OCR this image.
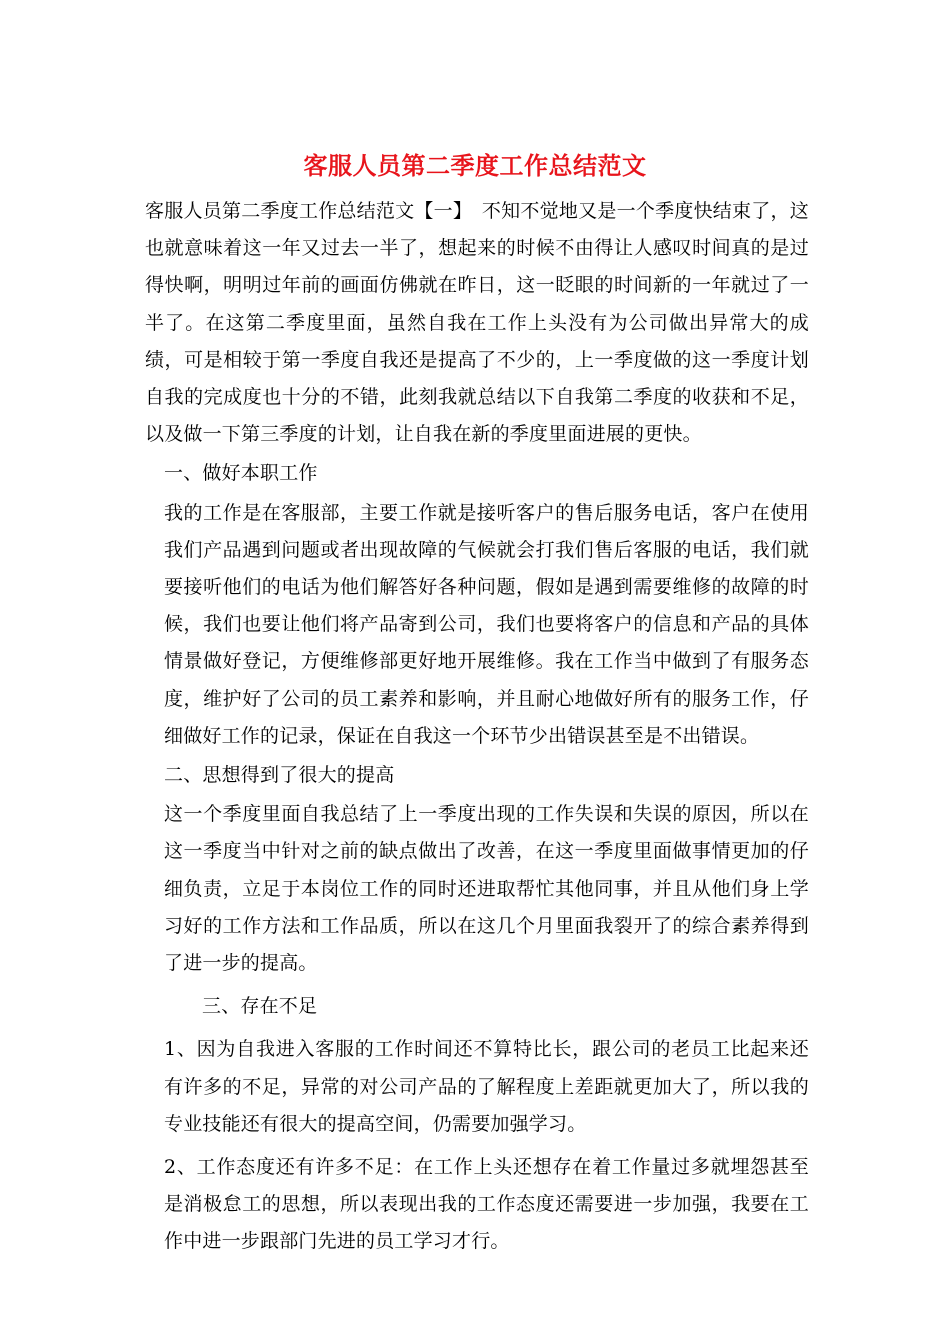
客服人员第二季度工作总结范文

客服人员第二季度工作总结范文【一】　不知不觉地又是一个季度快结束了，这也就意味着这一年又过去一半了，想起来的时候不由得让人感叹时间真的是过得快啊，明明过年前的画面仿佛就在昨日，这一眨眼的时间新的一年就过了一半了。在这第二季度里面，虽然自我在工作上头没有为公司做出异常大的成绩，可是相较于第一季度自我还是提高了不少的，上一季度做的这一季度计划自我的完成度也十分的不错，此刻我就总结以下自我第二季度的收获和不足，以及做一下第三季度的计划，让自我在新的季度里面进展的更快。

一、做好本职工作

我的工作是在客服部，主要工作就是接听客户的售后服务电话，客户在使用我们产品遇到问题或者出现故障的气候就会打我们售后客服的电话，我们就要接听他们的电话为他们解答好各种问题，假如是遇到需要维修的故障的时候，我们也要让他们将产品寄到公司，我们也要将客户的信息和产品的具体情景做好登记，方便维修部更好地开展维修。我在工作当中做到了有服务态度，维护好了公司的员工素养和影响，并且耐心地做好所有的服务工作，仔细做好工作的记录，保证在自我这一个环节少出错误甚至是不出错误。

二、思想得到了很大的提高

这一个季度里面自我总结了上一季度出现的工作失误和失误的原因，所以在这一季度当中针对之前的缺点做出了改善，在这一季度里面做事情更加的仔细负责，立足于本岗位工作的同时还进取帮忙其他同事，并且从他们身上学习好的工作方法和工作品质，所以在这几个月里面我裂开了的综合素养得到了进一步的提高。

三、存在不足

1、因为自我进入客服的工作时间还不算特比长，跟公司的老员工比起来还有许多的不足，异常的对公司产品的了解程度上差距就更加大了，所以我的专业技能还有很大的提高空间，仍需要加强学习。

2、工作态度还有许多不足：在工作上头还想存在着工作量过多就埋怨甚至是消极怠工的思想，所以表现出我的工作态度还需要进一步加强，我要在工作中进一步跟部门先进的员工学习才行。
